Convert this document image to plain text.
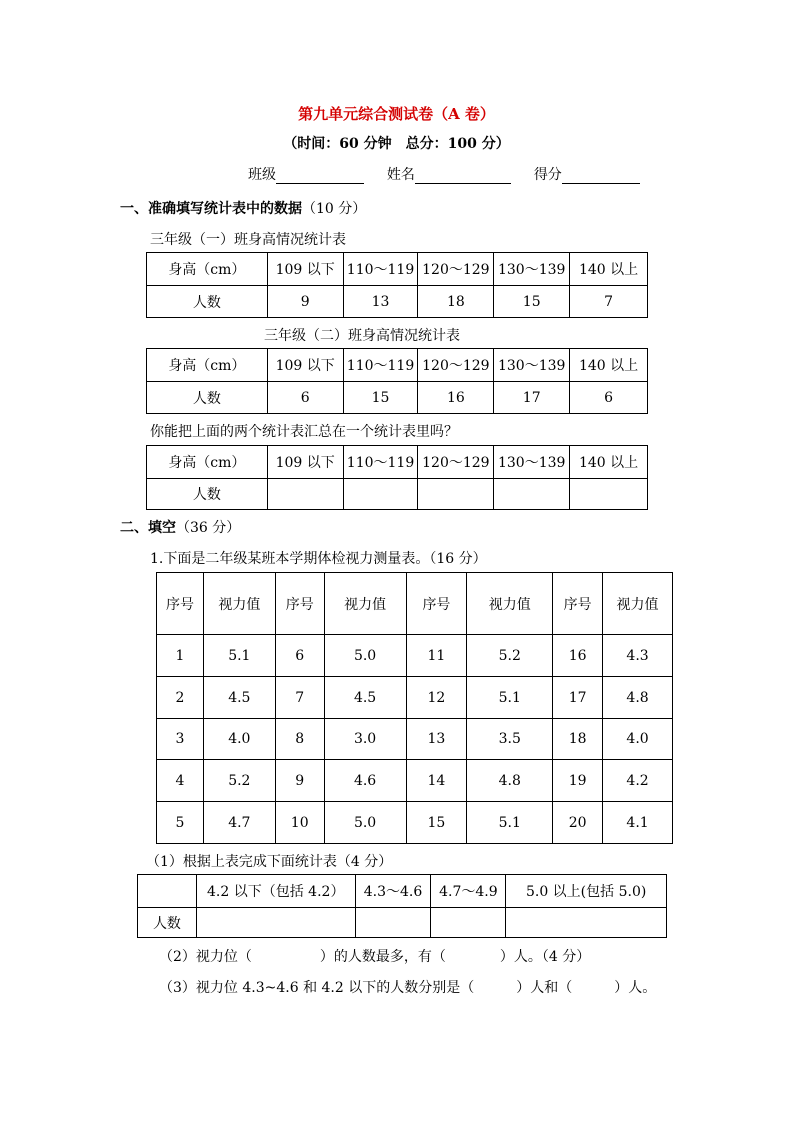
第九单元综合测试卷（A 卷）
（时间：60 分钟　总分：100 分）
班级	姓名	得分
一、准确填写统计表中的数据（10 分）
三年级（一）班身高情况统计表
身高（cm）	109 以下	110～119	120～129	130～139	140 以上
人数	9	13	18	15	7
三年级（二）班身高情况统计表
身高（cm）	109 以下	110～119	120～129	130～139	140 以上
人数	6	15	16	17	6
你能把上面的两个统计表汇总在一个统计表里吗？
身高（cm）	109 以下	110～119	120～129	130～139	140 以上
人数					
二、填空（36 分）
1.下面是二年级某班本学期体检视力测量表。（16 分）
序号	视力值	序号	视力值	序号	视力值	序号	视力值
1	5.1	6	5.0	11	5.2	16	4.3
2	4.5	7	4.5	12	5.1	17	4.8
3	4.0	8	3.0	13	3.5	18	4.0
4	5.2	9	4.6	14	4.8	19	4.2
5	4.7	10	5.0	15	5.1	20	4.1
（1）根据上表完成下面统计表（4 分）
	4.2 以下（包括 4.2）	4.3～4.6	4.7～4.9	5.0 以上(包括 5.0)
人数				
（2）视力位（	）的人数最多，有（	）人。（4 分）
（3）视力位 4.3~4.6 和 4.2 以下的人数分别是（	）人和（	）人。
